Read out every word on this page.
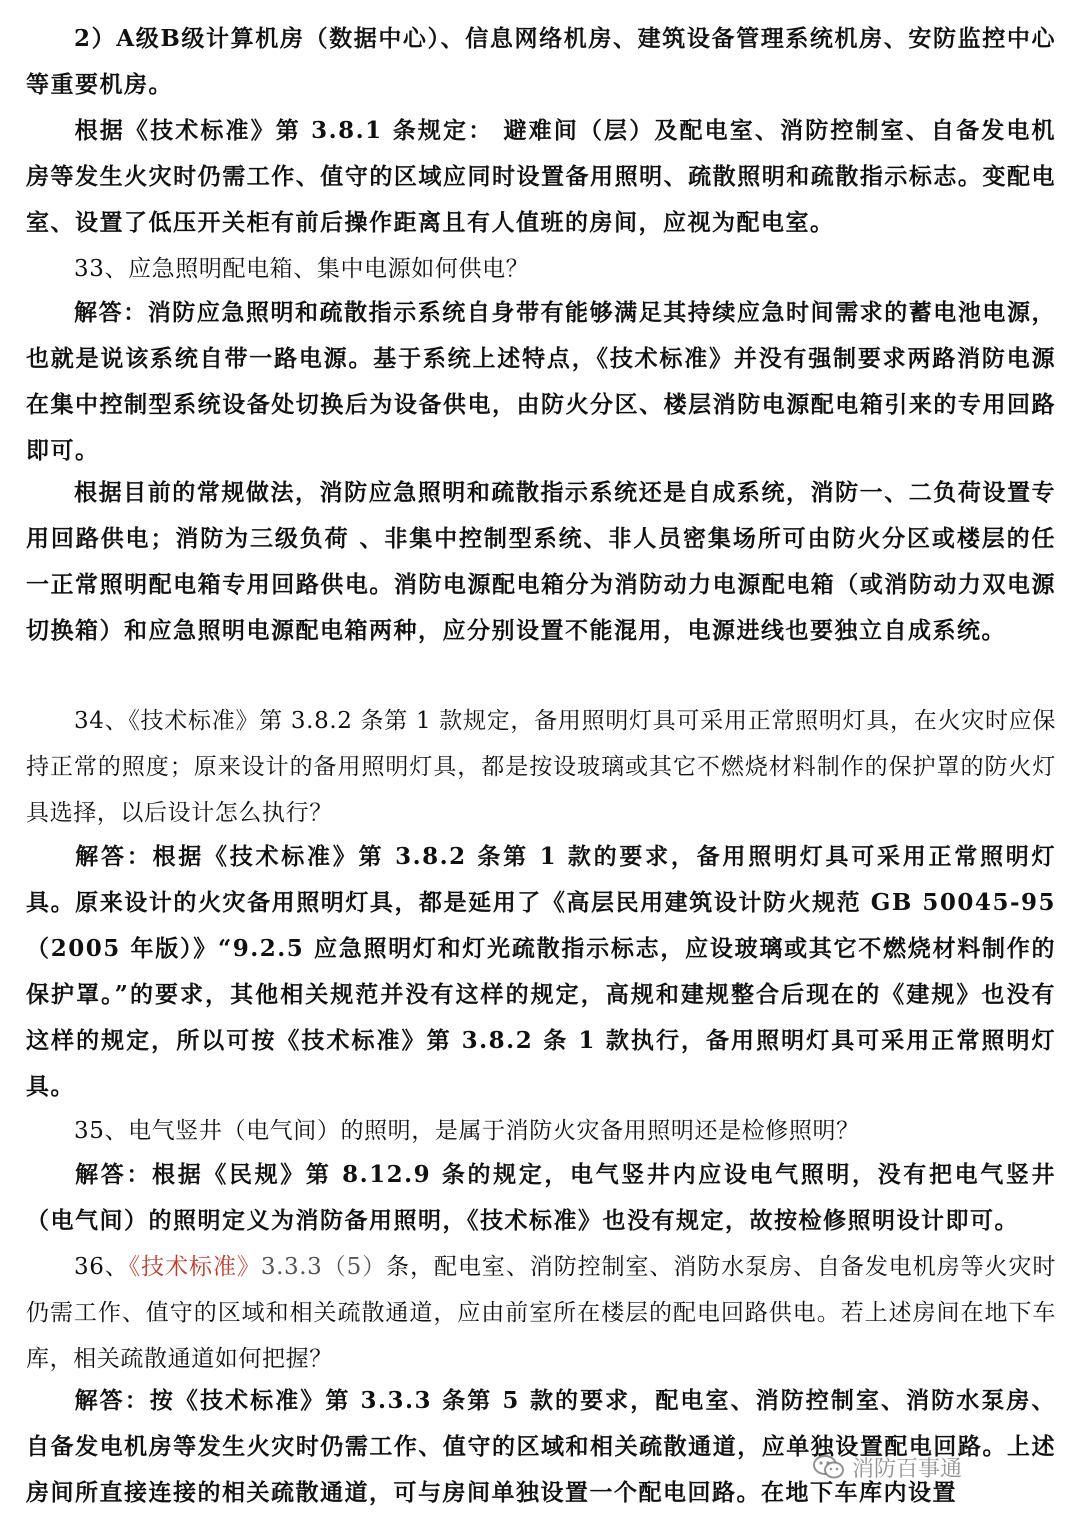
2）A级B级计算机房（数据中心）、信息网络机房、建筑设备管理系统机房、安防监控中心等重要机房。

根据《技术标准》第 3.8.1 条规定： 避难间（层）及配电室、消防控制室、自备发电机房等发生火灾时仍需工作、值守的区域应同时设置备用照明、疏散照明和疏散指示标志。变配电室、设置了低压开关柜有前后操作距离且有人值班的房间，应视为配电室。

33、应急照明配电箱、集中电源如何供电？

解答：消防应急照明和疏散指示系统自身带有能够满足其持续应急时间需求的蓄电池电源，也就是说该系统自带一路电源。基于系统上述特点，《技术标准》并没有强制要求两路消防电源在集中控制型系统设备处切换后为设备供电，由防火分区、楼层消防电源配电箱引来的专用回路即可。

根据目前的常规做法，消防应急照明和疏散指示系统还是自成系统，消防一、二负荷设置专用回路供电；消防为三级负荷 、非集中控制型系统、非人员密集场所可由防火分区或楼层的任一正常照明配电箱专用回路供电。消防电源配电箱分为消防动力电源配电箱（或消防动力双电源切换箱）和应急照明电源配电箱两种，应分别设置不能混用，电源进线也要独立自成系统。

34、《技术标准》第 3.8.2 条第 1 款规定，备用照明灯具可采用正常照明灯具，在火灾时应保持正常的照度；原来设计的备用照明灯具，都是按设玻璃或其它不燃烧材料制作的保护罩的防火灯具选择，以后设计怎么执行？

解答：根据《技术标准》第 3.8.2 条第 1 款的要求，备用照明灯具可采用正常照明灯具。原来设计的火灾备用照明灯具，都是延用了《高层民用建筑设计防火规范 GB 50045-95（2005 年版）》“9.2.5 应急照明灯和灯光疏散指示标志，应设玻璃或其它不燃烧材料制作的保护罩。”的要求，其他相关规范并没有这样的规定，高规和建规整合后现在的《建规》也没有这样的规定，所以可按《技术标准》第 3.8.2 条 1 款执行，备用照明灯具可采用正常照明灯具。

35、电气竖井（电气间）的照明，是属于消防火灾备用照明还是检修照明？

解答：根据《民规》第 8.12.9 条的规定，电气竖井内应设电气照明，没有把电气竖井（电气间）的照明定义为消防备用照明，《技术标准》也没有规定，故按检修照明设计即可。

36、《技术标准》3.3.3（5）条，配电室、消防控制室、消防水泵房、自备发电机房等火灾时仍需工作、值守的区域和相关疏散通道，应由前室所在楼层的配电回路供电。若上述房间在地下车库，相关疏散通道如何把握？

解答：按《技术标准》第 3.3.3 条第 5 款的要求，配电室、消防控制室、消防水泵房、自备发电机房等发生火灾时仍需工作、值守的区域和相关疏散通道，应单独设置配电回路。上述房间所直接连接的相关疏散通道，可与房间单独设置一个配电回路。在地下车库内设置

消防百事通
